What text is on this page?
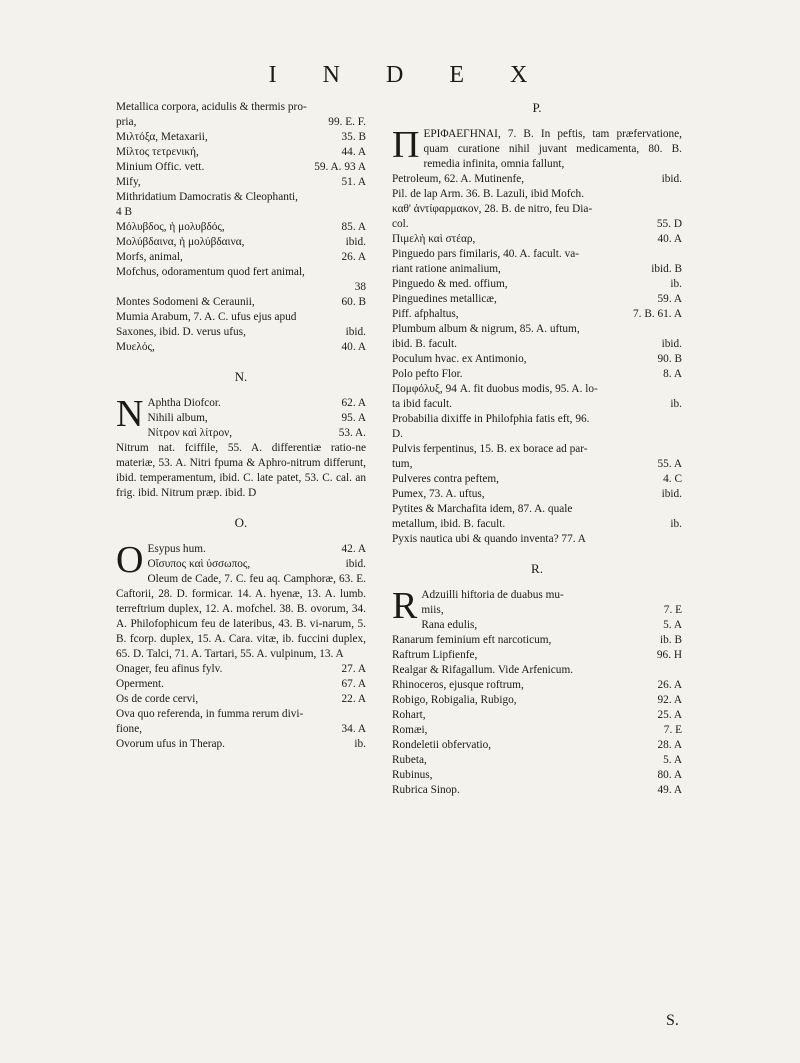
I N D E X
Metallica corpora, acidulis & thermis pro-
pria,	99. E. F.
Μιλτόξα, Metaxarii,	35. B
Μίλτος τετρενική,	44. A
Minium Offic. vett.	59. A. 93 A
Mify,	51. A
Mithridatium Damocratis & Cleophanti,
4 B
Μόλυβδος, ἡ μολυβδός,	85. A
Μολύβδαινα, ἡ μολύβδαινα,	ibid.
Morfs, animal,	26. A
Mofchus, odoramentum quod fert animal,
38
Montes Sodomeni & Ceraunii,	60. B
Mumia Arabum, 7. A. C. ufus ejus apud
Saxones, ibid. D. verus ufus,	ibid.
Μυελός,	40. A
N.
N Aphtha Diofcor.	62. A
Nihili album,	95. A
Νίτρον καὶ λίτρον,	53. A.

Nitrum nat. fciffile, 55. A. differentiæ ratio-ne materiæ, 53. A. Nitri fpuma & Aphro-nitrum differunt, ibid. temperamentum, ibid. C. late patet, 53. C. cal. an frig. ibid. Nitrum præp. ibid. D

O.
O Esypus hum.	42. A
Οἴσυπος καὶ ὑσσωπος,	ibid.

Oleum de Cade, 7. C. feu aq. Camphoræ, 63. E. Caftorii, 28. D. formicar. 14. A. hyenæ, 13. A. lumb. terreftrium duplex, 12. A. mofchel. 38. B. ovorum, 34. A. Philofophicum feu de lateribus, 43. B. vi-narum, 5. B. fcorp. duplex, 15. A. Cara. vitæ, ib. fuccini duplex, 65. D. Talci, 71. A. Tartari, 55. A. vulpinum, 13. A

Onager, feu afinus fylv.	27. A
Operment.	67. A
Os de corde cervi,	22. A
Ova quo referenda, in fumma rerum divi-
fione,	34. A
Ovorum ufus in Therap.	ib.
P.
Π ΕΡΙΦΑΕΓΗΝΑΙ, 7. B. In peftis, tam præfervatione, quam curatione nihil juvant medicamenta, 80. B. remedia infinita, omnia fallunt,

Petroleum, 62. A. Mutinenfe,	ibid.
Pil. de lap Arm. 36. B. Lazuli, ibid Mofch.
καθ' ἀντίφαρμακον, 28. B. de nitro, feu Dia-
col.	55. D
Πιμελὴ καὶ στέαρ,	40. A
Pinguedo pars fimilaris, 40. A. facult. va-
riant ratione animalium,	ibid. B
Pinguedo & med. offium,	ib.
Pinguedines metallicæ,	59. A
Piff. afphaltus,	7. B. 61. A
Plumbum album & nigrum, 85. A. uftum,
ibid. B. facult.	ibid.
Poculum hvac. ex Antimonio,	90. B
Polo pefto Flor.	8. A
Πομφόλυξ, 94 A. fit duobus modis, 95. A. lo-
ta ibid facult.	ib.
Probabilia dixiffe in Philofphia fatis eft, 96.
D.
Pulvis ferpentinus, 15. B. ex borace ad par-
tum,	55. A
Pulveres contra peftem,	4. C
Pumex, 73. A. uftus,	ibid.
Pytites & Marchafita idem, 87. A. quale
metallum, ibid. B. facult.	ib.
Pyxis nautica ubi & quando inventa? 77. A
R.
R Adzuilli hiftoria de duabus mu-
miis,	7. E
Rana edulis,	5. A
Ranarum feminium eft narcoticum,	ib. B
Raftrum Lipfienfe,	96. H
Realgar & Rifagallum. Vide Arfenicum.
Rhinoceros, ejusque roftrum,	26. A
Robigo, Robigalia, Rubigo,	92. A
Rohart,	25. A
Romæi,	7. E
Rondeletii obfervatio,	28. A
Rubeta,	5. A
Rubinus,	80. A
Rubrica Sinop.	49. A
S.
